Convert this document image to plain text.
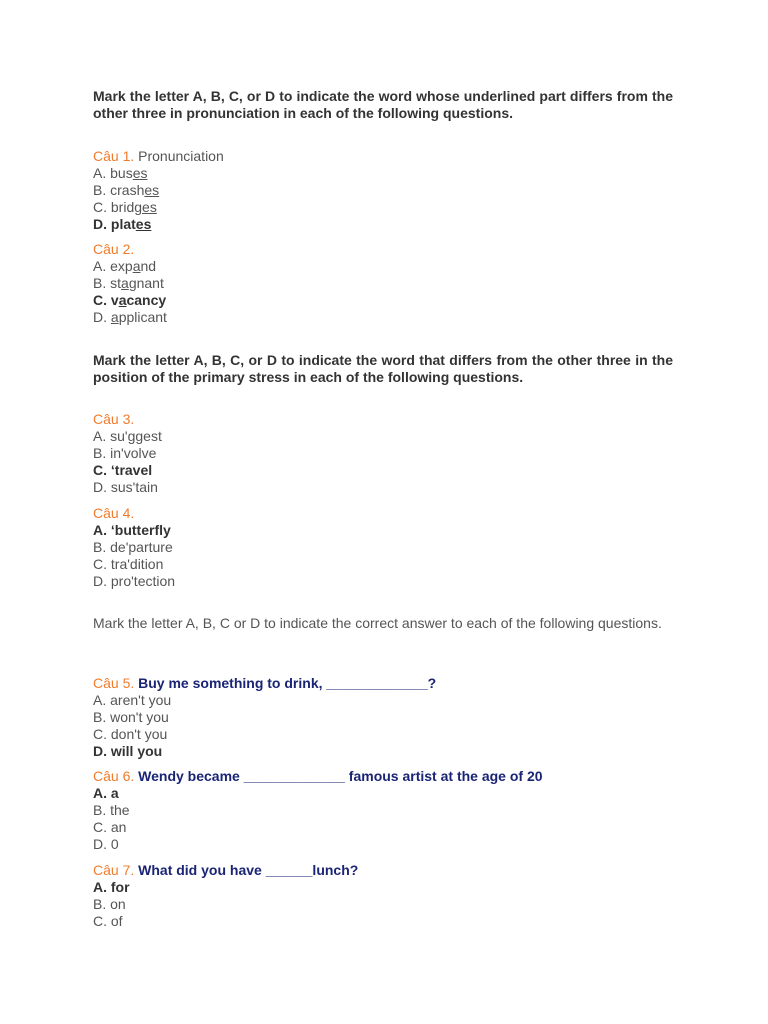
Mark the letter A, B, C, or D to indicate the word whose underlined part differs from the other three in pronunciation in each of the following questions.
Câu 1. Pronunciation
A. buses
B. crashes
C. bridges
D. plates
Câu 2.
A. expand
B. stagnant
C. vacancy
D. applicant
Mark the letter A, B, C, or D to indicate the word that differs from the other three in the position of the primary stress in each of the following questions.
Câu 3.
A. su'ggest
B. in'volve
C. ‘travel
D. sus'tain
Câu 4.
A. ‘butterfly
B. de'parture
C. tra'dition
D. pro'tection
Mark the letter A, B, C or D to indicate the correct answer to each of the following questions.
Câu 5. Buy me something to drink, _____________?
A. aren't you
B. won't you
C. don't you
D. will you
Câu 6. Wendy became _____________ famous artist at the age of 20
A. a
B. the
C. an
D. 0
Câu 7. What did you have ______lunch?
A. for
B. on
C. of
